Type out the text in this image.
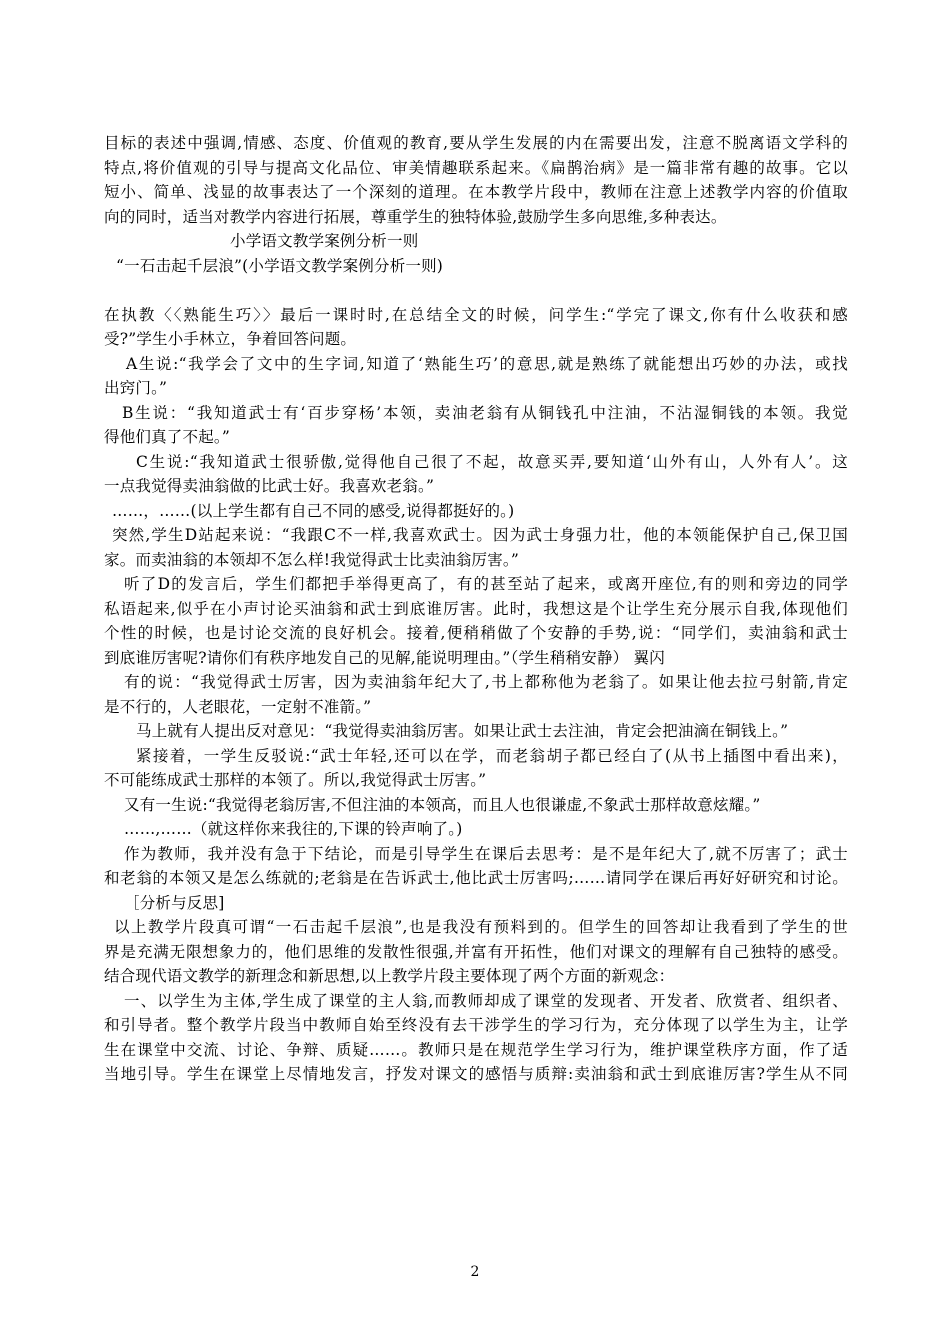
目标的表述中强调,情感、态度、价值观的教育,要从学生发展的内在需要出发，注意不脱离语文学科的
特点,将价值观的引导与提高文化品位、审美情趣联系起来。《扁鹊治病》是一篇非常有趣的故事。它以
短小、简单、浅显的故事表达了一个深刻的道理。在本教学片段中，教师在注意上述教学内容的价值取
向的同时，适当对教学内容进行拓展，尊重学生的独特体验,鼓励学生多向思维,多种表达。
小学语文教学案例分析一则
“一石击起千层浪”(小学语文教学案例分析一则)
在执教〈〈熟能生巧〉〉最后一课时时,在总结全文的时候，问学生:“学完了课文,你有什么收获和感
受?”学生小手林立，争着回答问题。
A生说:“我学会了文中的生字词,知道了‘熟能生巧’的意思,就是熟练了就能想出巧妙的办法，或找
出窍门。”
B生说：“我知道武士有‘百步穿杨’本领，卖油老翁有从铜钱孔中注油，不沾湿铜钱的本领。我觉
得他们真了不起。”
C生说:“我知道武士很骄傲,觉得他自己很了不起，故意买弄,要知道‘山外有山，人外有人’。这
一点我觉得卖油翁做的比武士好。我喜欢老翁。”
……，……(以上学生都有自己不同的感受,说得都挺好的。)
突然,学生D站起来说：“我跟C不一样,我喜欢武士。因为武士身强力壮，他的本领能保护自己,保卫国
家。而卖油翁的本领却不怎么样!我觉得武士比卖油翁厉害。”
听了D的发言后，学生们都把手举得更高了，有的甚至站了起来，或离开座位,有的则和旁边的同学
私语起来,似乎在小声讨论买油翁和武士到底谁厉害。此时，我想这是个让学生充分展示自我,体现他们
个性的时候，也是讨论交流的良好机会。接着,便稍稍做了个安静的手势,说：“同学们，卖油翁和武士
到底谁厉害呢?请你们有秩序地发自己的见解,能说明理由。”（学生稍稍安静） 翼闪
有的说：“我觉得武士厉害，因为卖油翁年纪大了,书上都称他为老翁了。如果让他去拉弓射箭,肯定
是不行的，人老眼花，一定射不准箭。”
马上就有人提出反对意见：“我觉得卖油翁厉害。如果让武士去注油，肯定会把油滴在铜钱上。”
紧接着，一学生反驳说:“武士年轻,还可以在学，而老翁胡子都已经白了(从书上插图中看出来)，
不可能练成武士那样的本领了。所以,我觉得武士厉害。”
又有一生说:“我觉得老翁厉害,不但注油的本领高，而且人也很谦虚,不象武士那样故意炫耀。”
……,……（就这样你来我往的,下课的铃声响了。)
作为教师，我并没有急于下结论，而是引导学生在课后去思考：是不是年纪大了,就不厉害了；武士
和老翁的本领又是怎么练就的;老翁是在告诉武士,他比武士厉害吗;……请同学在课后再好好研究和讨论。
［分析与反思]
以上教学片段真可谓“一石击起千层浪”,也是我没有预料到的。但学生的回答却让我看到了学生的世
界是充满无限想象力的，他们思维的发散性很强,并富有开拓性，他们对课文的理解有自己独特的感受。
结合现代语文教学的新理念和新思想,以上教学片段主要体现了两个方面的新观念：
一、以学生为主体,学生成了课堂的主人翁,而教师却成了课堂的发现者、开发者、欣赏者、组织者、
和引导者。整个教学片段当中教师自始至终没有去干涉学生的学习行为，充分体现了以学生为主，让学
生在课堂中交流、讨论、争辩、质疑……。教师只是在规范学生学习行为，维护课堂秩序方面，作了适
当地引导。学生在课堂上尽情地发言，抒发对课文的感悟与质辩:卖油翁和武士到底谁厉害?学生从不同
2
